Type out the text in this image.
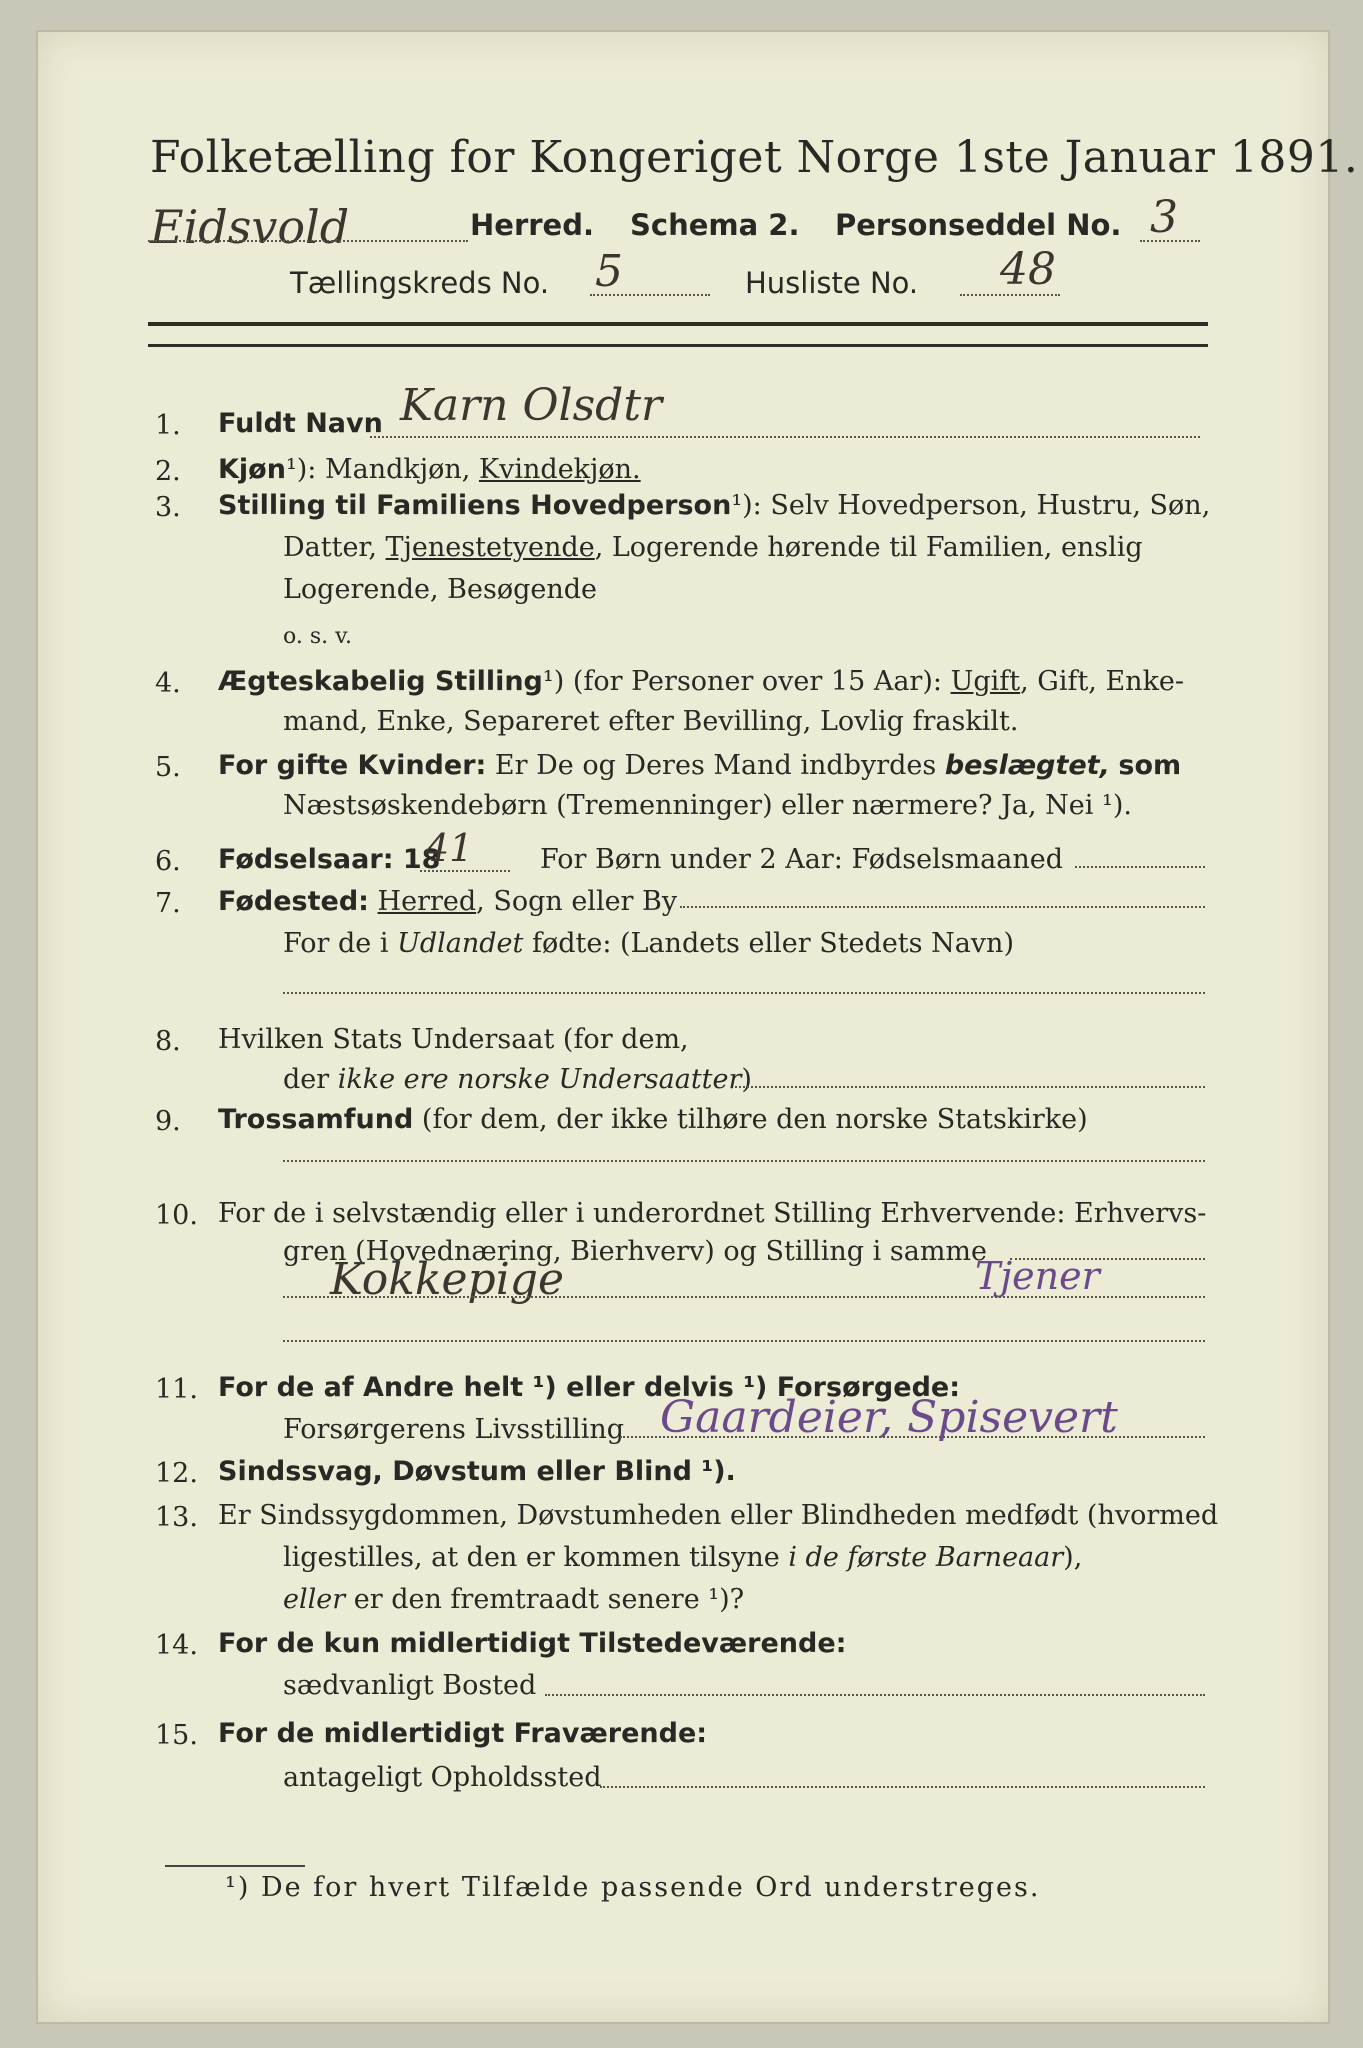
Folketælling for Kongeriget Norge 1ste Januar 1891.
Eidsvold	Herred. Schema 2. Personseddel No. 3
Tællingskreds No. 5	Husliste No. 48
1. Fuldt Navn Karn Olsdtr
2. Kjøn¹): Mandkjøn, Kvindekjøn.
3. Stilling til Familiens Hovedperson¹): Selv Hovedperson, Hustru, Søn,
Datter, Tjenestetyende, Logerende hørende til Familien, enslig
Logerende, Besøgende
o. s. v.
4. Ægteskabelig Stilling¹) (for Personer over 15 Aar): Ugift, Gift, Enke-
mand, Enke, Separeret efter Bevilling, Lovlig fraskilt.
5. For gifte Kvinder: Er De og Deres Mand indbyrdes beslægtet, som
Næstsøskendebørn (Tremenninger) eller nærmere? Ja, Nei ¹).
6. Fødselsaar: 18
41 For Børn under 2 Aar: Fødselsmaaned
7. Fødested: Herred, Sogn eller By
For de i Udlandet fødte: (Landets eller Stedets Navn)
8. Hvilken Stats Undersaat (for dem,
der ikke ere norske Undersaatter)
9. Trossamfund (for dem, der ikke tilhøre den norske Statskirke)
10. For de i selvstændig eller i underordnet Stilling Erhvervende: Erhvervs-
gren (Hovednæring, Bierhverv) og Stilling i samme
Kokkepige	Tjener
11. For de af Andre helt ¹) eller delvis ¹) Forsørgede:
Forsørgerens Livsstilling Gaardeier, Spisevert
12. Sindssvag, Døvstum eller Blind ¹).
13. Er Sindssygdommen, Døvstumheden eller Blindheden medfødt (hvormed
ligestilles, at den er kommen tilsyne i de første Barneaar),
eller er den fremtraadt senere ¹)?
14. For de kun midlertidigt Tilstedeværende:
sædvanligt Bosted
15. For de midlertidigt Fraværende:
antageligt Opholdssted
¹) De for hvert Tilfælde passende Ord understreges.
